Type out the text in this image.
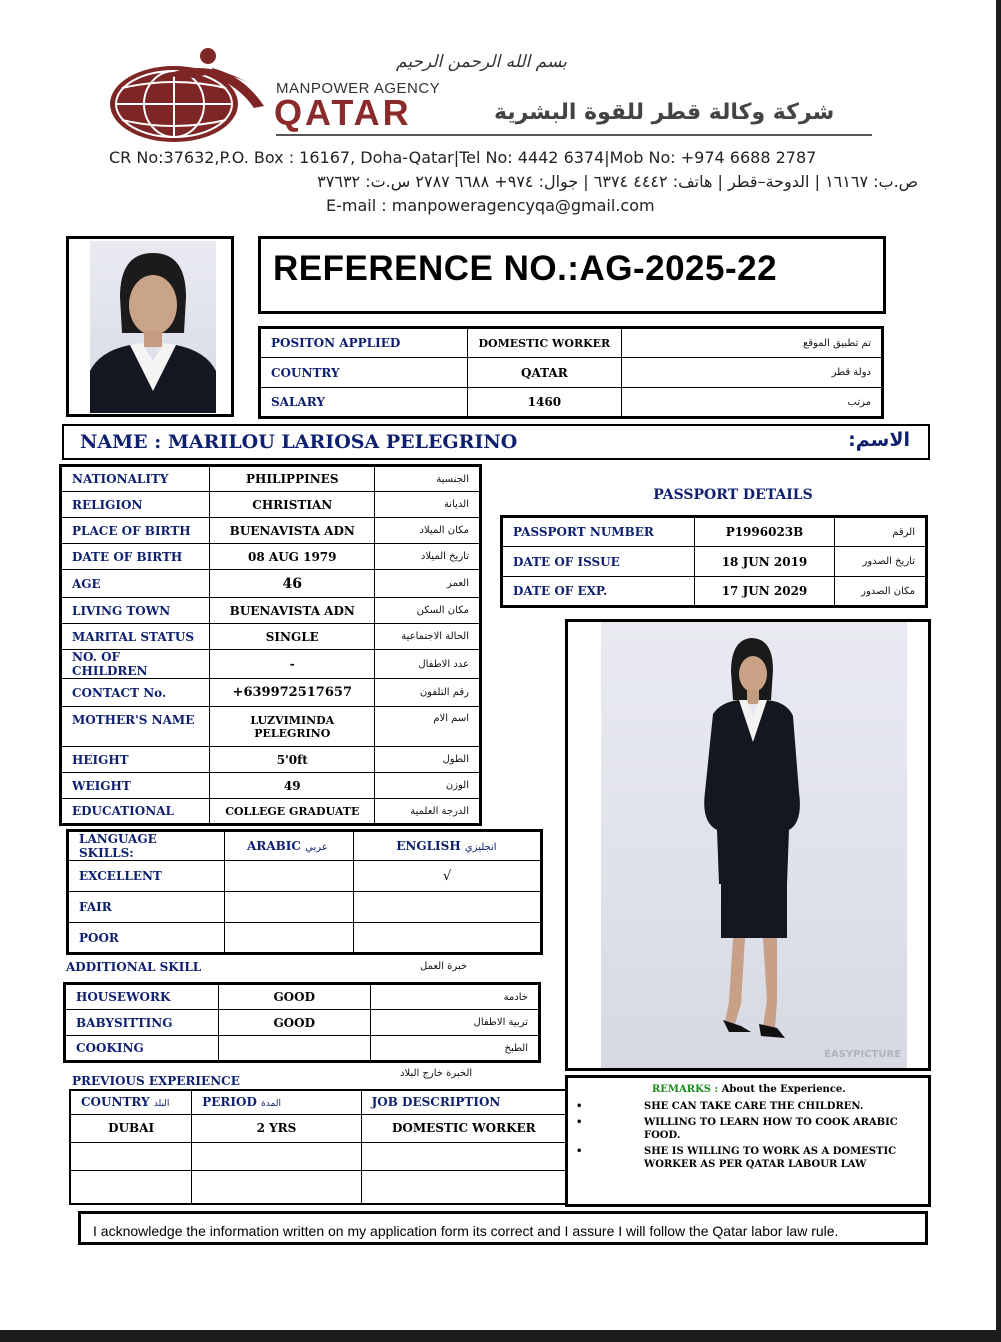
بسم الله الرحمن الرحيم
MANPOWER AGENCY
QATAR	شركة وكالة قطر للقوة البشرية
CR No:37632,P.O. Box : 16167, Doha-Qatar|Tel No: 4442 6374|Mob No: +974 6688 2787
ص.ب: ١٦١٦٧ | الدوحة–قطر | هاتف: ٤٤٤٢ ٦٣٧٤ | جوال: ٩٧٤+ ٦٦٨٨ ٢٧٨٧ س.ت: ٣٧٦٣٢
E-mail : manpoweragencyqa@gmail.com
REFERENCE NO.:AG-2025-22
POSITON APPLIED	DOMESTIC WORKER	تم تطبيق الموقع
COUNTRY	QATAR	دولة قطر
SALARY	1460	مرتب
NAME : MARILOU LARIOSA PELEGRINO	الاسم:
NATIONALITY	PHILIPPINES	الجنسية
RELIGION	CHRISTIAN	الديانة
PLACE OF BIRTH	BUENAVISTA ADN	مكان الميلاد
DATE OF BIRTH	08 AUG 1979	تاريخ الميلاد
AGE	46	العمر
LIVING TOWN	BUENAVISTA ADN	مكان السكن
MARITAL STATUS	SINGLE	الحالة الاجتماعية
NO. OF CHILDREN	-	عدد الاطفال
CONTACT No.	+639972517657	رقم التلفون
MOTHER'S NAME	LUZVIMINDA PELEGRINO	اسم الام
HEIGHT	5'0ft	الطول
WEIGHT	49	الوزن
EDUCATIONAL	COLLEGE GRADUATE	الدرجة العلمية
PASSPORT DETAILS
PASSPORT NUMBER	P1996023B	الرقم
DATE OF ISSUE	18 JUN 2019	تاريخ الصدور
DATE OF EXP.	17 JUN 2029	مكان الصدور
EASYPICTURE
LANGUAGE SKILLS:	ARABIC عربي	ENGLISH انجليزي
EXCELLENT		√
FAIR		
POOR		
ADDITIONAL SKILL	خبرة العمل
HOUSEWORK	GOOD	خادمة
BABYSITTING	GOOD	تربية الاطفال
COOKING		الطبخ
PREVIOUS EXPERIENCE
الخبرة خارج البلاد
COUNTRY البلد	PERIOD المدة	JOB DESCRIPTION
DUBAI	2 YRS	DOMESTIC WORKER

REMARKS : About the Experience.
•	SHE CAN TAKE CARE THE CHILDREN.
•	WILLING TO LEARN HOW TO COOK ARABIC FOOD.
•	SHE IS WILLING TO WORK AS A DOMESTIC WORKER AS PER QATAR LABOUR LAW
I acknowledge the information written on my application form its correct and I assure I will follow the Qatar labor law rule.
